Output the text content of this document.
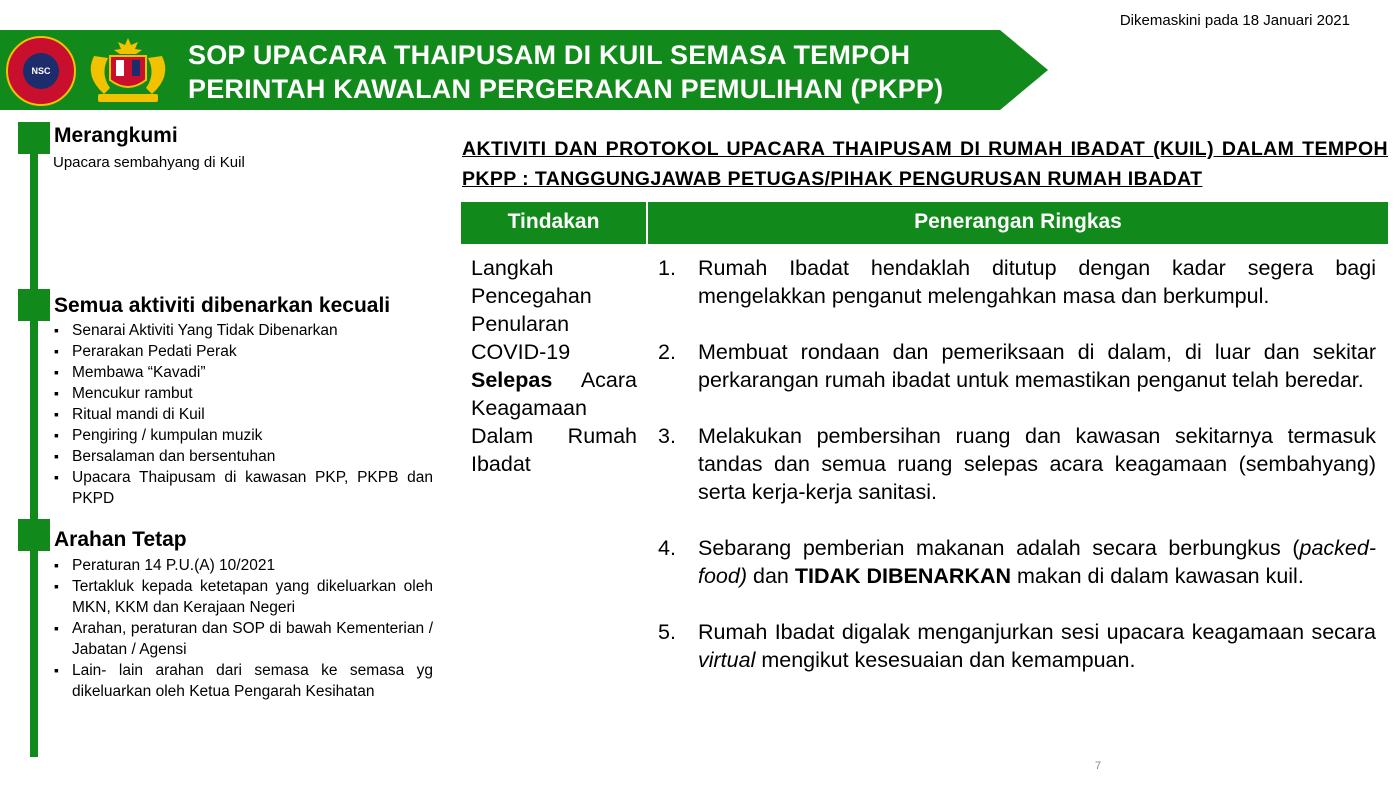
Dikemaskini pada 18 Januari 2021
NSC
SOP UPACARA THAIPUSAM DI KUIL SEMASA TEMPOH
PERINTAH KAWALAN PERGERAKAN PEMULIHAN (PKPP)
Merangkumi
Upacara sembahyang di Kuil
Semua aktiviti dibenarkan kecuali
▪ Senarai Aktiviti Yang Tidak Dibenarkan
▪ Perarakan Pedati Perak
▪ Membawa “Kavadi”
▪ Mencukur rambut
▪ Ritual mandi di Kuil
▪ Pengiring / kumpulan muzik
▪ Bersalaman dan bersentuhan
▪ Upacara Thaipusam di kawasan PKP, PKPB dan PKPD
Arahan Tetap
▪ Peraturan 14 P.U.(A) 10/2021
▪ Tertakluk kepada ketetapan yang dikeluarkan oleh MKN, KKM dan Kerajaan Negeri
▪ Arahan, peraturan dan SOP di bawah Kementerian / Jabatan / Agensi
▪ Lain- lain arahan dari semasa ke semasa yg dikeluarkan oleh Ketua Pengarah Kesihatan
AKTIVITI DAN PROTOKOL UPACARA THAIPUSAM DI RUMAH IBADAT (KUIL) DALAM TEMPOH PKPP : TANGGUNGJAWAB PETUGAS/PIHAK PENGURUSAN RUMAH IBADAT
Tindakan	Penerangan Ringkas
Langkah Pencegahan Penularan COVID-19 Selepas Acara Keagamaan Dalam Rumah Ibadat
1. Rumah Ibadat hendaklah ditutup dengan kadar segera bagi mengelakkan penganut melengahkan masa dan berkumpul.
2. Membuat rondaan dan pemeriksaan di dalam, di luar dan sekitar perkarangan rumah ibadat untuk memastikan penganut telah beredar.
3. Melakukan pembersihan ruang dan kawasan sekitarnya termasuk tandas dan semua ruang selepas acara keagamaan (sembahyang) serta kerja-kerja sanitasi.
4. Sebarang pemberian makanan adalah secara berbungkus (packed-food) dan TIDAK DIBENARKAN makan di dalam kawasan kuil.
5. Rumah Ibadat digalak menganjurkan sesi upacara keagamaan secara virtual mengikut kesesuaian dan kemampuan.
7
